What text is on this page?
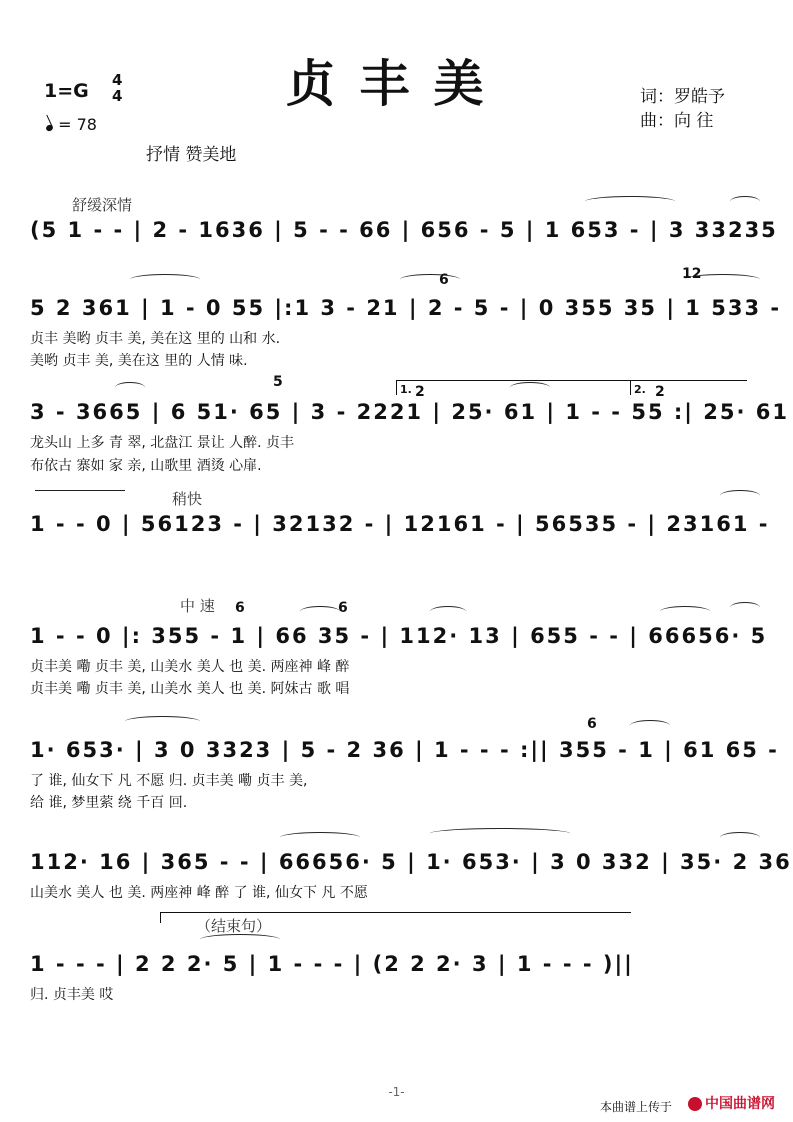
贞丰美
1=G 4
4
= 78
词：罗皓予
曲：向 往
抒情 赞美地
舒缓深情
稍快
中 速
（结束句）
(5 1 - - | 2 - 1636 | 5 - - 66 | 656 - 5 | 1 653 - | 3 33235
6	12
5 2 361 | 1 - 0 55 |:1 3 - 21 | 2 - 5 - | 0 355 35 | 1 533 -
贞丰 美哟 贞丰 美, 美在这 里的 山和 水.
美哟 贞丰 美, 美在这 里的 人情 味.
1.	2.
5
2	2
3 - 3665 | 6 51· 65 | 3 - 2221 | 25· 61 | 1 - - 55 :| 25· 61
龙头山 上多 青 翠, 北盘江 景让 人醉. 贞丰
布依古 寨如 家 亲, 山歌里 酒烫 心扉.
1 - - 0 | 56123 - | 32132 - | 12161 - | 56535 - | 23161 -
6	6
1 - - 0 |: 355 - 1 | 66 35 - | 112· 13 | 655 - - | 66656· 5
贞丰美 嘞 贞丰 美, 山美水 美人 也 美. 两座神 峰 醉
贞丰美 嘞 贞丰 美, 山美水 美人 也 美. 阿妹古 歌 唱
6
1· 653· | 3 0 3323 | 5 - 2 36 | 1 - - - :|| 355 - 1 | 61 65 -
了 谁, 仙女下 凡 不愿 归. 贞丰美 嘞 贞丰 美,
给 谁, 梦里萦 绕 千百 回.
112· 16 | 365 - - | 66656· 5 | 1· 653· | 3 0 332 | 35· 2 36
山美水 美人 也 美. 两座神 峰 醉 了 谁, 仙女下 凡 不愿
1 - - - | 2 2 2· 5 | 1 - - - | (2 2 2· 3 | 1 - - - )||
归. 贞丰美 哎
-1-
本曲谱上传于	中国曲谱网
